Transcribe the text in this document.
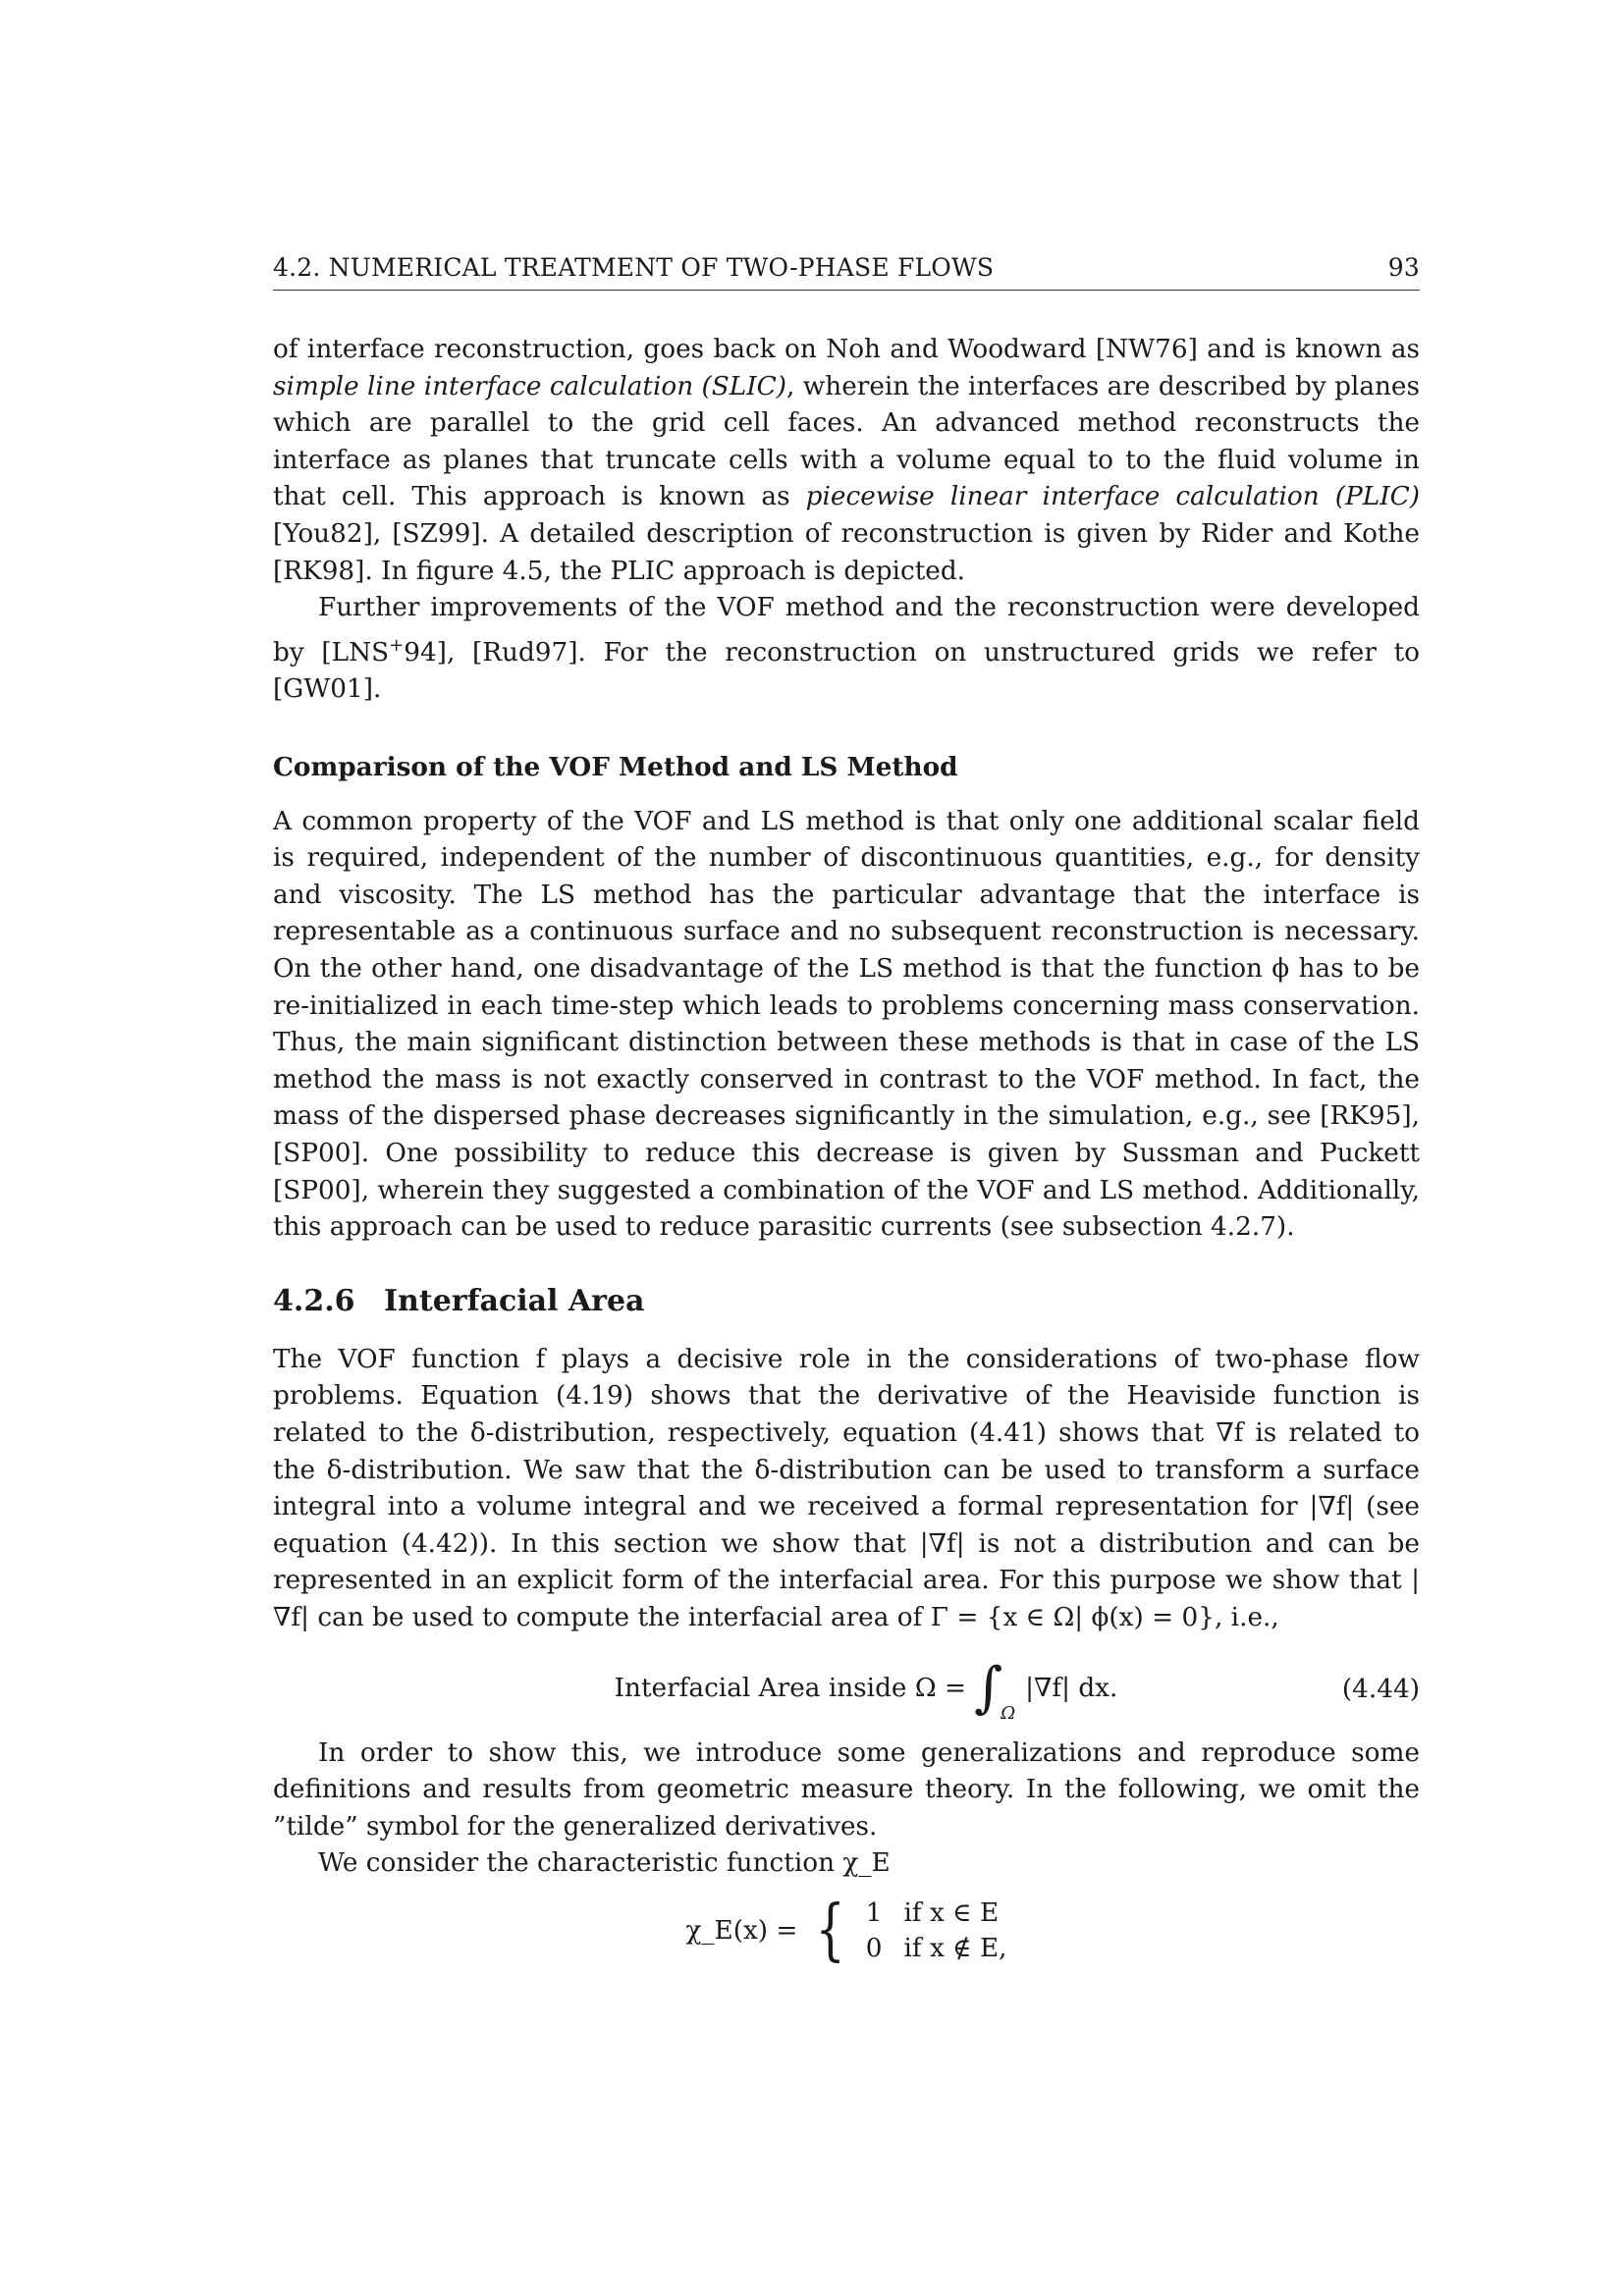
4.2. NUMERICAL TREATMENT OF TWO-PHASE FLOWS	93

of interface reconstruction, goes back on Noh and Woodward [NW76] and is known as simple line interface calculation (SLIC), wherein the interfaces are described by planes which are parallel to the grid cell faces. An advanced method reconstructs the interface as planes that truncate cells with a volume equal to to the fluid volume in that cell. This approach is known as piecewise linear interface calculation (PLIC) [You82], [SZ99]. A detailed description of reconstruction is given by Rider and Kothe [RK98]. In figure 4.5, the PLIC approach is depicted.

Further improvements of the VOF method and the reconstruction were developed by [LNS+94], [Rud97]. For the reconstruction on unstructured grids we refer to [GW01].

Comparison of the VOF Method and LS Method

A common property of the VOF and LS method is that only one additional scalar field is required, independent of the number of discontinuous quantities, e.g., for density and viscosity. The LS method has the particular advantage that the interface is representable as a continuous surface and no subsequent reconstruction is necessary. On the other hand, one disadvantage of the LS method is that the function ϕ has to be re-initialized in each time-step which leads to problems concerning mass conservation. Thus, the main significant distinction between these methods is that in case of the LS method the mass is not exactly conserved in contrast to the VOF method. In fact, the mass of the dispersed phase decreases significantly in the simulation, e.g., see [RK95], [SP00]. One possibility to reduce this decrease is given by Sussman and Puckett [SP00], wherein they suggested a combination of the VOF and LS method. Additionally, this approach can be used to reduce parasitic currents (see subsection 4.2.7).

4.2.6 Interfacial Area

The VOF function f plays a decisive role in the considerations of two-phase flow problems. Equation (4.19) shows that the derivative of the Heaviside function is related to the δ-distribution, respectively, equation (4.41) shows that ∇f is related to the δ-distribution. We saw that the δ-distribution can be used to transform a surface integral into a volume integral and we received a formal representation for |∇f| (see equation (4.42)). In this section we show that |∇f| is not a distribution and can be represented in an explicit form of the interfacial area. For this purpose we show that |∇f| can be used to compute the interfacial area of Γ = {x ∈ Ω| ϕ(x) = 0}, i.e.,

Interfacial Area inside Ω = ∫
Ω
|∇f| dx.	(4.44)

In order to show this, we introduce some generalizations and reproduce some definitions and results from geometric measure theory. In the following, we omit the ”tilde” symbol for the generalized derivatives.

We consider the characteristic function χ_E

χ_E(x) = { 1 if x ∈ E
0 if x ∉ E,
